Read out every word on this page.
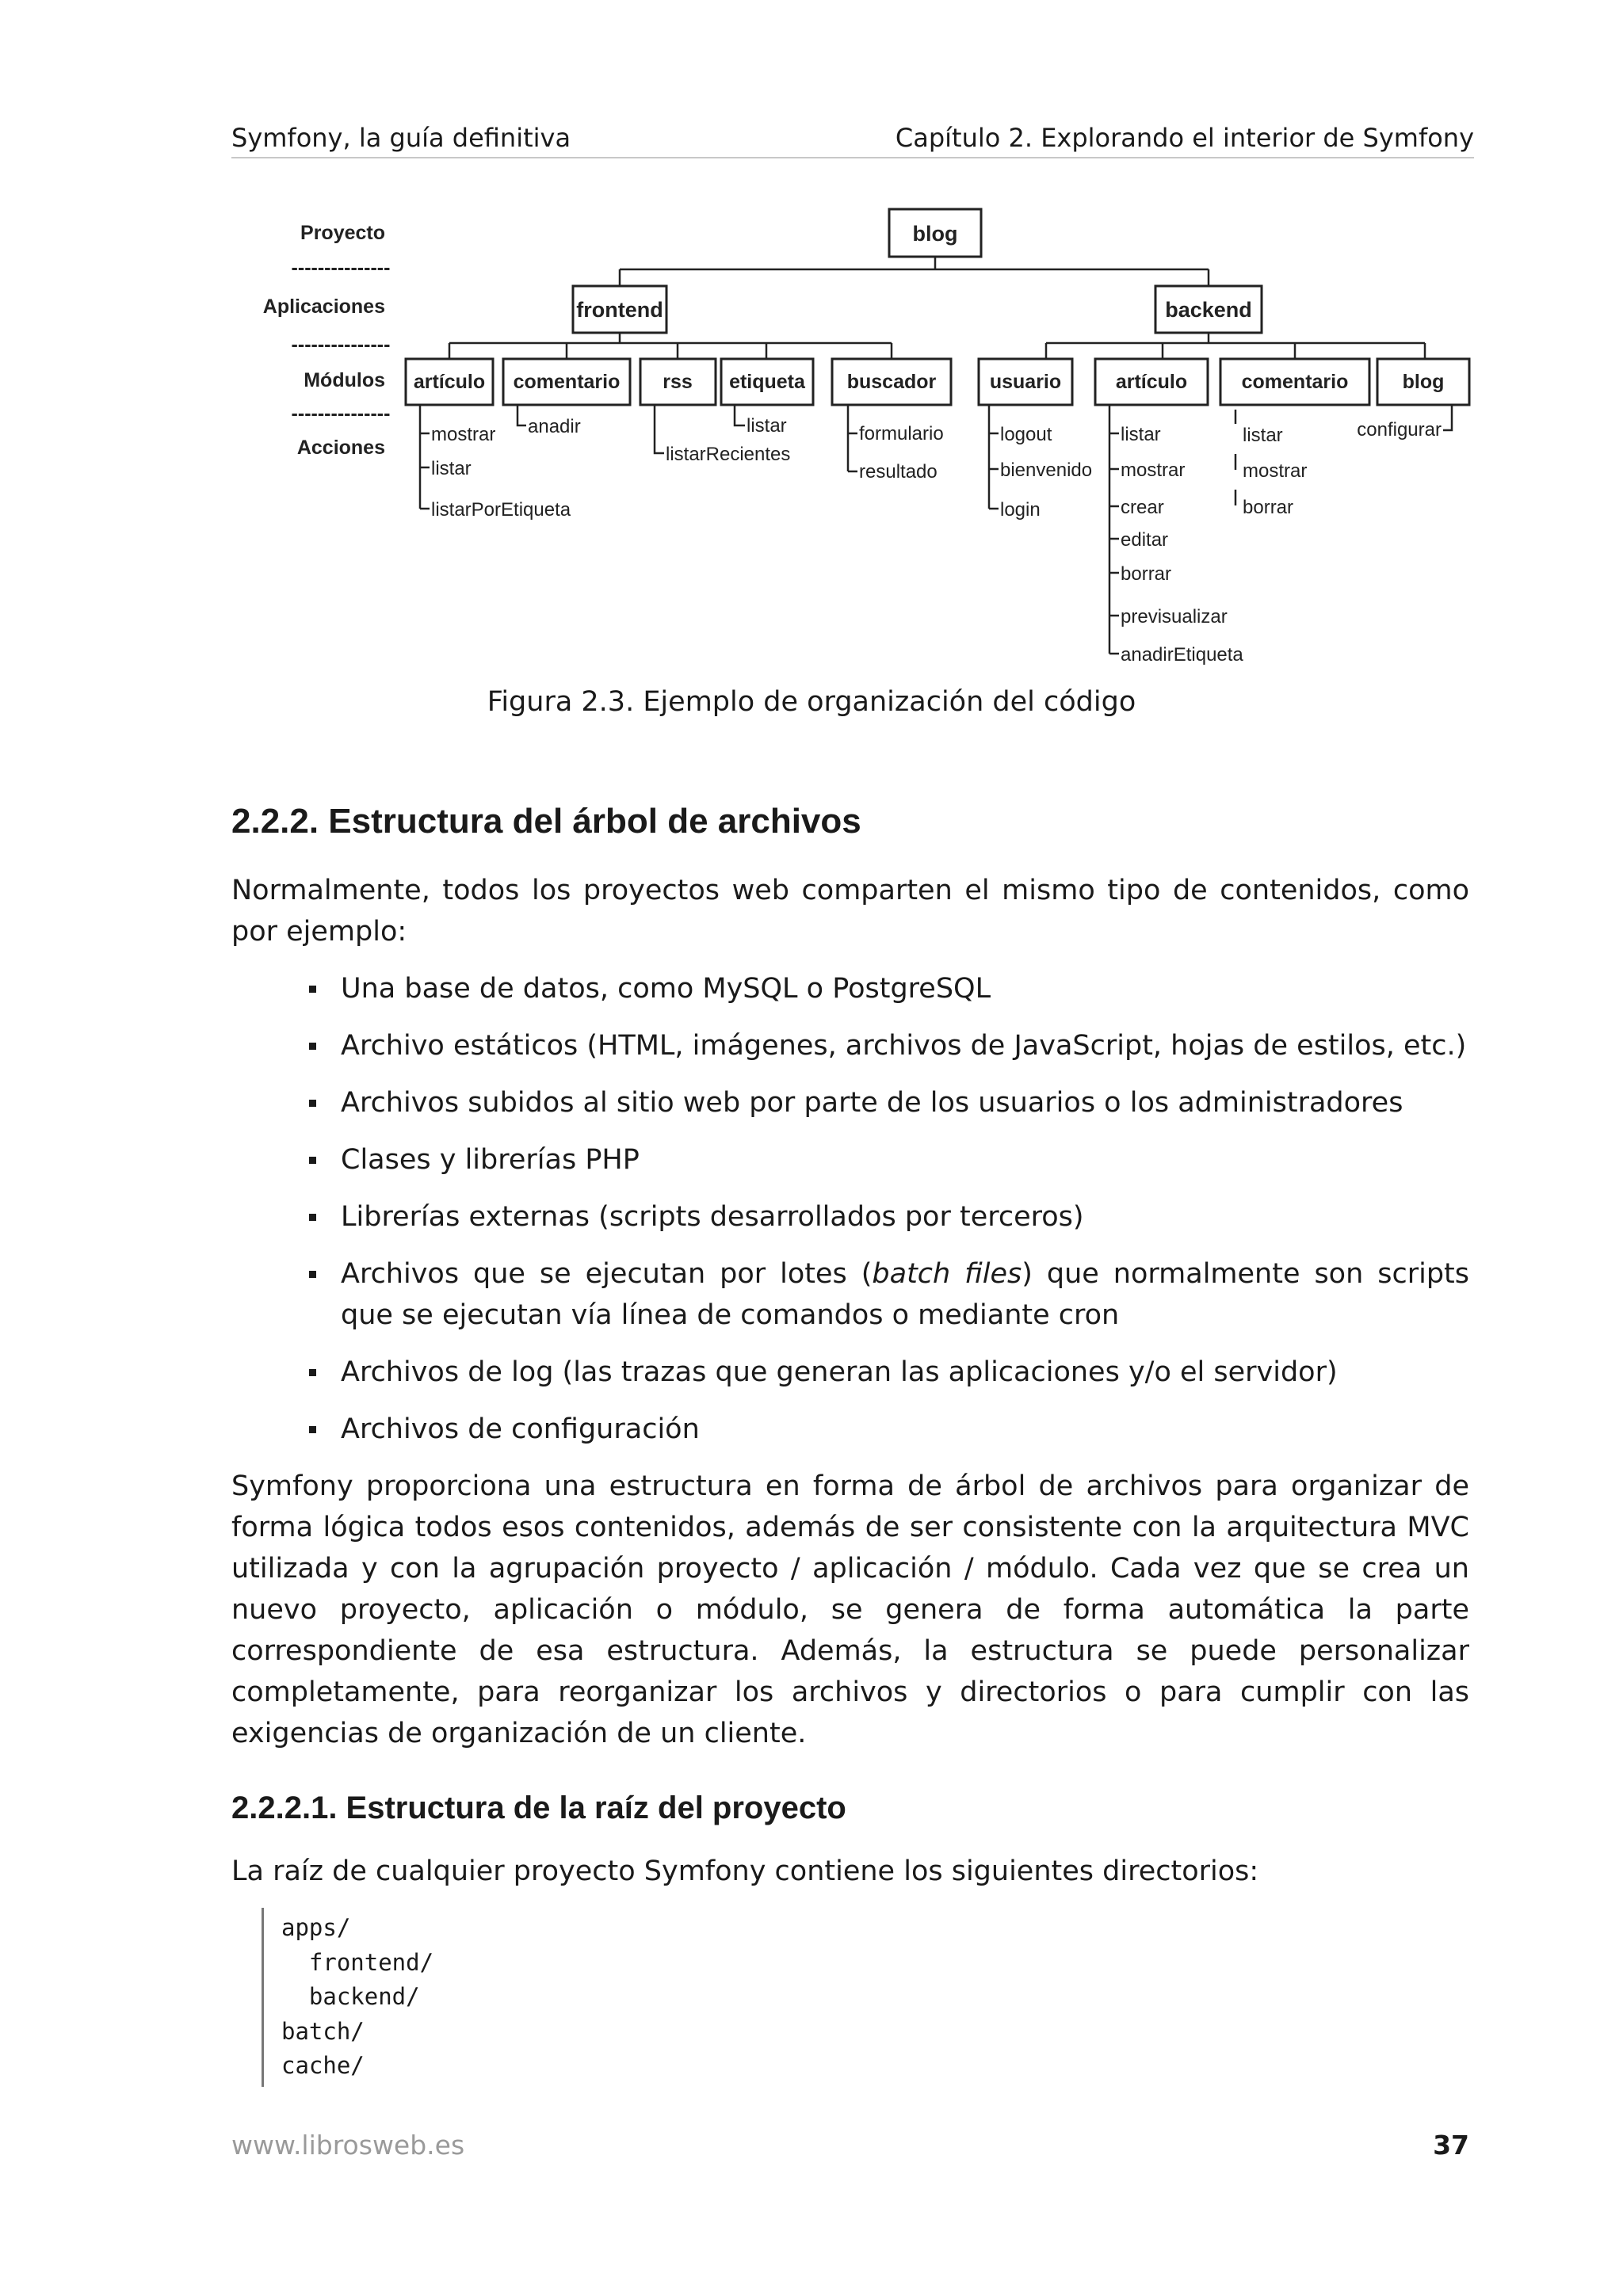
Symfony, la guía definitiva	Capítulo 2. Explorando el interior de Symfony
Proyecto
Aplicaciones
Módulos
Acciones
---------------
---------------
---------------
blog
frontend	backend
artículo comentario rss etiqueta buscador	usuario	artículo	comentario	blog
mostrar
listar
listarPorEtiqueta
anadir
listarRecientes
listar	formulario
resultado
logout
bienvenido
login
listar
mostrar
crear
editar
borrar
previsualizar
anadirEtiqueta
listar
mostrar
borrar
configurar
Figura 2.3. Ejemplo de organización del código
2.2.2. Estructura del árbol de archivos

Normalmente, todos los proyectos web comparten el mismo tipo de contenidos, como por ejemplo:

Una base de datos, como MySQL o PostgreSQL
Archivo estáticos (HTML, imágenes, archivos de JavaScript, hojas de estilos, etc.)
Archivos subidos al sitio web por parte de los usuarios o los administradores
Clases y librerías PHP
Librerías externas (scripts desarrollados por terceros)
Archivos que se ejecutan por lotes (batch files) que normalmente son scripts que se ejecutan vía línea de comandos o mediante cron
Archivos de log (las trazas que generan las aplicaciones y/o el servidor)
Archivos de configuración

Symfony proporciona una estructura en forma de árbol de archivos para organizar de forma lógica todos esos contenidos, además de ser consistente con la arquitectura MVC utilizada y con la agrupación proyecto / aplicación / módulo. Cada vez que se crea un nuevo proyecto, aplicación o módulo, se genera de forma automática la parte correspondiente de esa estructura. Además, la estructura se puede personalizar completamente, para reorganizar los archivos y directorios o para cumplir con las exigencias de organización de un cliente.

2.2.2.1. Estructura de la raíz del proyecto

La raíz de cualquier proyecto Symfony contiene los siguientes directorios:

apps/
frontend/
backend/
batch/
cache/
www.librosweb.es	37
